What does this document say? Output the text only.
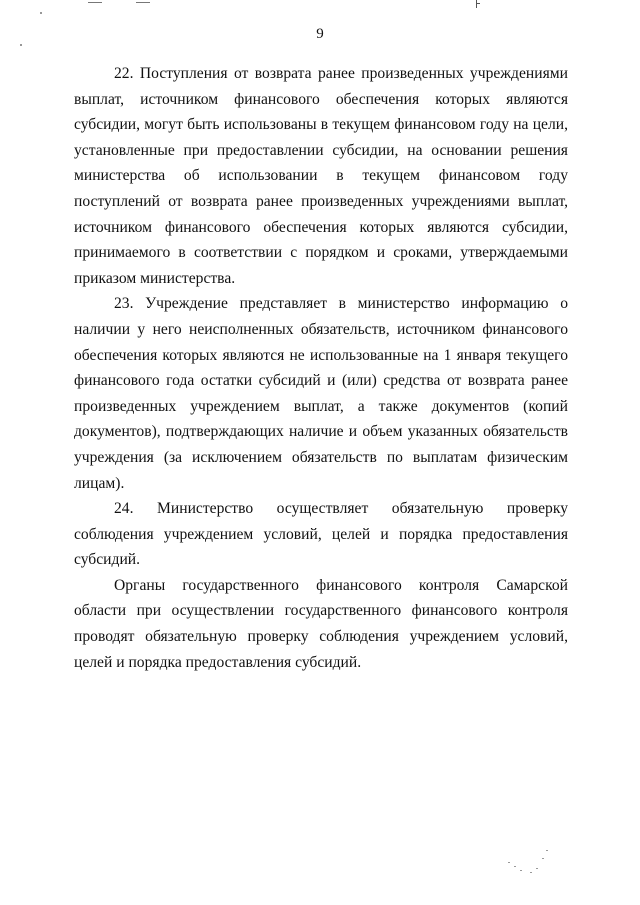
9

22. Поступления от возврата ранее произведенных учреждениями выплат, источником финансового обеспечения которых являются субсидии, могут быть использованы в текущем финансовом году на цели, установленные при предоставлении субсидии, на основании решения министерства об использовании в текущем финансовом году поступлений от возврата ранее произведенных учреждениями выплат, источником финансового обеспечения которых являются субсидии, принимаемого в соответствии с порядком и сроками, утверждаемыми приказом министерства.

23. Учреждение представляет в министерство информацию о наличии у него неисполненных обязательств, источником финансового обеспечения которых являются не использованные на 1 января текущего финансового года остатки субсидий и (или) средства от возврата ранее произведенных учреждением выплат, а также документов (копий документов), подтверждающих наличие и объем указанных обязательств учреждения (за исключением обязательств по выплатам физическим лицам).

24. Министерство осуществляет обязательную проверку соблюдения учреждением условий, целей и порядка предоставления субсидий.

Органы государственного финансового контроля Самарской области при осуществлении государственного финансового контроля проводят обязательную проверку соблюдения учреждением условий, целей и порядка предоставления субсидий.
